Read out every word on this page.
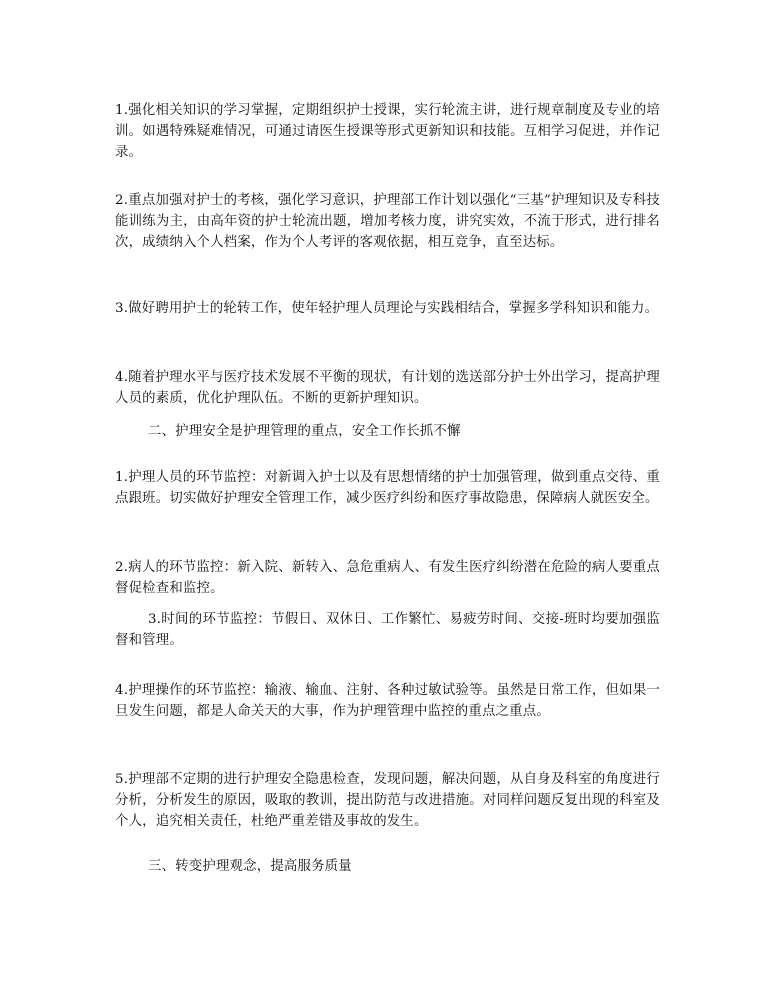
1.强化相关知识的学习掌握，定期组织护士授课，实行轮流主讲，进行规章制度及专业的培训。如遇特殊疑难情况，可通过请医生授课等形式更新知识和技能。互相学习促进，并作记录。

2.重点加强对护士的考核，强化学习意识，护理部工作计划以强化“三基”护理知识及专科技能训练为主，由高年资的护士轮流出题，增加考核力度，讲究实效，不流于形式，进行排名次，成绩纳入个人档案，作为个人考评的客观依据，相互竞争，直至达标。

3.做好聘用护士的轮转工作，使年轻护理人员理论与实践相结合，掌握多学科知识和能力。

4.随着护理水平与医疗技术发展不平衡的现状，有计划的选送部分护士外出学习，提高护理人员的素质，优化护理队伍。不断的更新护理知识。

二、护理安全是护理管理的重点，安全工作长抓不懈

1.护理人员的环节监控：对新调入护士以及有思想情绪的护士加强管理，做到重点交待、重点跟班。切实做好护理安全管理工作，减少医疗纠纷和医疗事故隐患，保障病人就医安全。

2.病人的环节监控：新入院、新转入、急危重病人、有发生医疗纠纷潜在危险的病人要重点督促检查和监控。

3.时间的环节监控：节假日、双休日、工作繁忙、易疲劳时间、交接-班时均要加强监督和管理。

4.护理操作的环节监控：输液、输血、注射、各种过敏试验等。虽然是日常工作，但如果一旦发生问题，都是人命关天的大事，作为护理管理中监控的重点之重点。

5.护理部不定期的进行护理安全隐患检查，发现问题，解决问题，从自身及科室的角度进行分析，分析发生的原因，吸取的教训，提出防范与改进措施。对同样问题反复出现的科室及个人，追究相关责任，杜绝严重差错及事故的发生。

三、转变护理观念，提高服务质量
